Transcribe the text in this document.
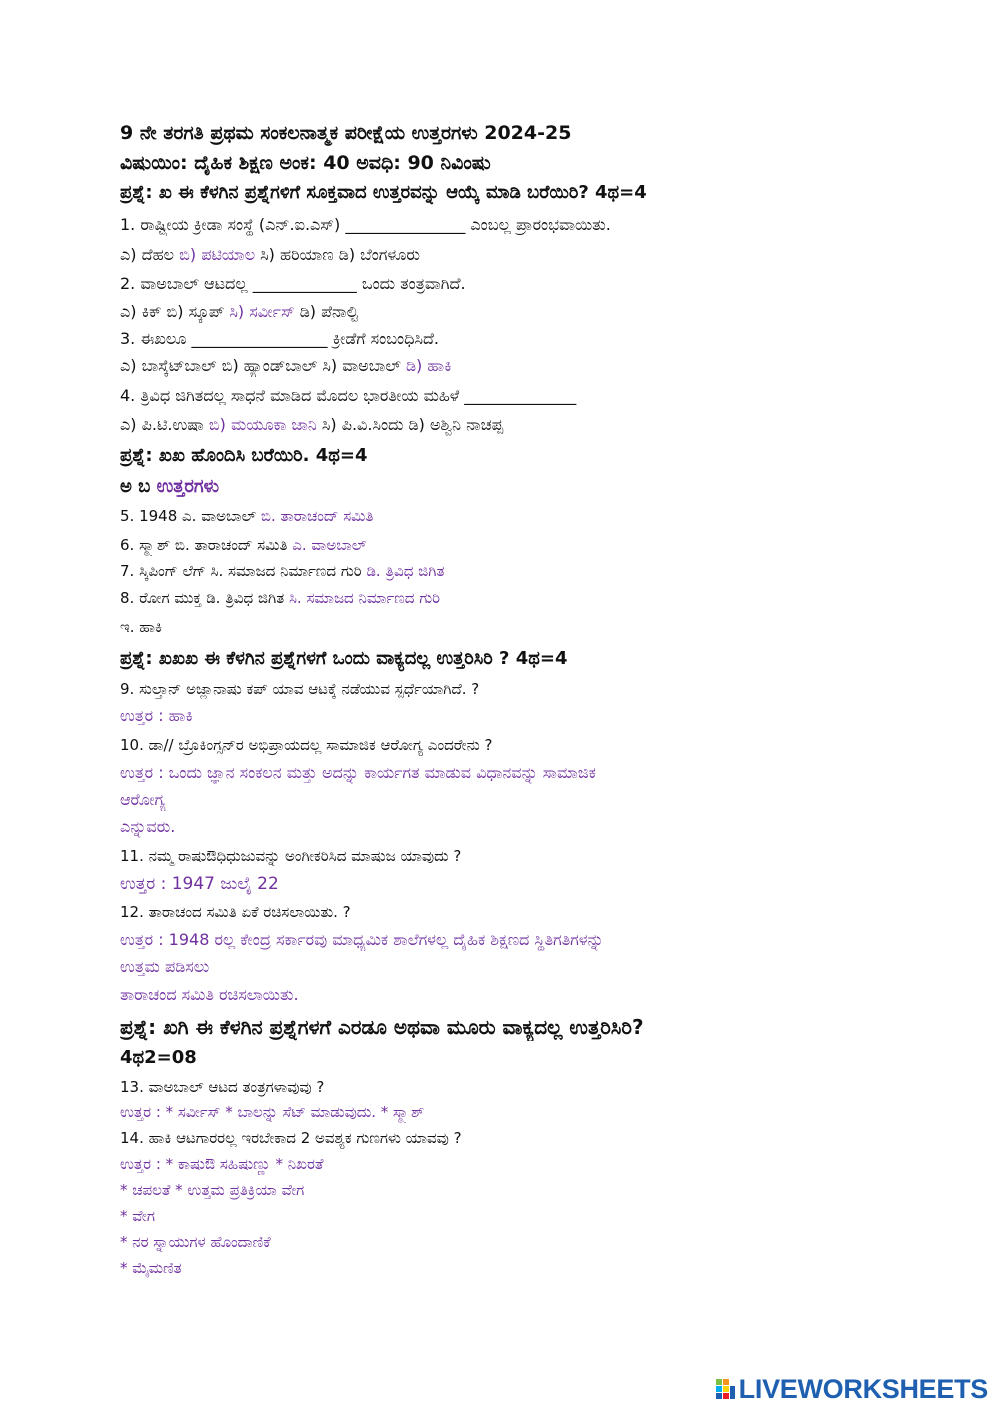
9 ನೇ ತರಗತಿ ಪ್ರಥಮ ಸಂಕಲನಾತ್ಮಕ ಪರೀಕ್ಷೆಯ ಉತ್ತರಗಳು 2024-25
ವಿಷುಯಿಂ: ದೈಹಿಕ ಶಿಕ್ಷಣ ಅಂಕ: 40 ಅವಧಿ: 90 ನಿವಿಂಷು
ಪ್ರಶ್ನೆ: ಖ ಈ ಕೆಳಗಿನ ಪ್ರಶ್ನೆಗಳಿಗೆ ಸೂಕ್ತವಾದ ಉತ್ತರವನ್ನು ಆಯ್ಕೆ ಮಾಡಿ ಬರೆಯಿರಿ? 4ಥ=4
1. ರಾಷ್ಟ್ರೀಯ ಕ್ರೀಡಾ ಸಂಸ್ಥೆ (ಎನ್.ಐ.ಎಸ್) _______________ ಎಂಬಲ್ಲ ಪ್ರಾರಂಭವಾಯಿತು.
ಎ) ದೆಹಲ ಬಿ) ಪಟಿಯಾಲ ಸಿ) ಹರಿಯಾಣ ಡಿ) ಬೆಂಗಳೂರು
2. ವಾಅಬಾಲ್ ಆಟದಲ್ಲ _____________ ಒಂದು ತಂತ್ರವಾಗಿದೆ.
ಎ) ಕಿಕ್ ಬಿ) ಸ್ಕೂಪ್ ಸಿ) ಸರ್ವೀಸ್ ಡಿ) ಪೆನಾಲ್ಟಿ
3. ಈಖಲೂ _________________ ಕ್ರೀಡೆಗೆ ಸಂಬಂಧಿಸಿದೆ.
ಎ) ಬಾಸ್ಕೆಟ್‌ಬಾಲ್ ಬಿ) ಹ್ಯಾಂಡ್‌ಬಾಲ್ ಸಿ) ವಾಅಬಾಲ್ ಡಿ) ಹಾಕಿ
4. ತ್ರಿವಿಧ ಜಿಗಿತದಲ್ಲ ಸಾಧನೆ ಮಾಡಿದ ಮೊದಲ ಭಾರತೀಯ ಮಹಿಳೆ ______________
ಎ) ಪಿ.ಟಿ.ಉಷಾ ಬಿ) ಮಯೂಕಾ ಜಾನಿ ಸಿ) ಪಿ.ವಿ.ಸಿಂದು ಡಿ) ಅಶ್ವಿನಿ ನಾಚಪ್ಪ
ಪ್ರಶ್ನೆ: ಖಖ ಹೊಂದಿಸಿ ಬರೆಯಿರಿ. 4ಥ=4
ಅ ಬ ಉತ್ತರಗಳು
5. 1948 ಎ. ವಾಅಬಾಲ್ ಬಿ. ತಾರಾಚಂದ್ ಸಮಿತಿ
6. ಸ್ಮ್ಯಾಶ್ ಬಿ. ತಾರಾಚಂದ್ ಸಮಿತಿ ಎ. ವಾಅಬಾಲ್
7. ಸ್ಕಿಪಿಂಗ್ ಲೆಗ್ ಸಿ. ಸಮಾಜದ ನಿರ್ಮಾಣದ ಗುರಿ ಡಿ. ತ್ರಿವಿಧ ಜಿಗಿತ
8. ರೋಗ ಮುಕ್ತ ಡಿ. ತ್ರಿವಿಧ ಜಿಗಿತ ಸಿ. ಸಮಾಜದ ನಿರ್ಮಾಣದ ಗುರಿ
ಇ. ಹಾಕಿ
ಪ್ರಶ್ನೆ: ಖಖಖ ಈ ಕೆಳಗಿನ ಪ್ರಶ್ನೆಗಳಗೆ ಒಂದು ವಾಕ್ಯದಲ್ಲ ಉತ್ತರಿಸಿರಿ ? 4ಥ=4
9. ಸುಲ್ತಾನ್ ಅಜ್ಲಾನಾಷು ಕಪ್ ಯಾವ ಆಟಕ್ಕೆ ನಡೆಯುವ ಸ್ಪರ್ಧೆಯಾಗಿದೆ. ?
ಉತ್ತರ : ಹಾಕಿ
10. ಡಾ// ಬ್ರೊಕಿಂಗ್ಸನ್‌ರ ಅಭಿಪ್ರಾಯದಲ್ಲ ಸಾಮಾಜಿಕ ಆರೋಗ್ಯ ಎಂದರೇನು ?
ಉತ್ತರ : ಒಂದು ಜ್ಞಾನ ಸಂಕಲನ ಮತ್ತು ಅದನ್ನು ಕಾರ್ಯಗತ ಮಾಡುವ ವಿಧಾನವನ್ನು ಸಾಮಾಜಿಕ
ಆರೋಗ್ಯ
ಎನ್ನುವರು.
11. ನಮ್ಮ ರಾಷುಔಧಿಧುಜುವನ್ನು ಅಂಗೀಕರಿಸಿದ ಮಾಷುಜ ಯಾವುದು ?
ಉತ್ತರ : 1947 ಜುಲೈ 22
12. ತಾರಾಚಂದ ಸಮಿತಿ ಏಕೆ ರಚಿಸಲಾಯಿತು. ?
ಉತ್ತರ : 1948 ರಲ್ಲ ಕೇಂದ್ರ ಸರ್ಕಾರವು ಮಾಧ್ಯಮಿಕ ಶಾಲೆಗಳಲ್ಲ ದೈಹಿಕ ಶಿಕ್ಷಣದ ಸ್ಥಿತಿಗತಿಗಳನ್ನು
ಉತ್ತಮ ಪಡಿಸಲು
ತಾರಾಚಂದ ಸಮಿತಿ ರಚಿಸಲಾಯಿತು.
ಪ್ರಶ್ನೆ: ಖಗಿ ಈ ಕೆಳಗಿನ ಪ್ರಶ್ನೆಗಳಗೆ ಎರಡೂ ಅಥವಾ ಮೂರು ವಾಕ್ಯದಲ್ಲ ಉತ್ತರಿಸಿರಿ?
4ಥ2=08
13. ವಾಅಬಾಲ್ ಆಟದ ತಂತ್ರಗಳಾವುವು ?
ಉತ್ತರ : * ಸರ್ವೀಸ್ * ಬಾಲನ್ನು ಸೆಟ್ ಮಾಡುವುದು. * ಸ್ಮ್ಯಾಶ್
14. ಹಾಕಿ ಆಟಗಾರರಲ್ಲ ಇರಬೇಕಾದ 2 ಅವಶ್ಯಕ ಗುಣಗಳು ಯಾವವು ?
ಉತ್ತರ : * ಕಾಷುಔ ಸಹಿಷುಣ್ಣು * ನಿಖರತೆ
* ಚಪಲತೆ * ಉತ್ತಮ ಪ್ರತಿಕ್ರಿಯಾ ವೇಗ
* ವೇಗ
* ನರ ಸ್ನಾಯುಗಳ ಹೊಂದಾಣಿಕೆ
* ಮೈಮಣಿತ
LIVEWORKSHEETS
